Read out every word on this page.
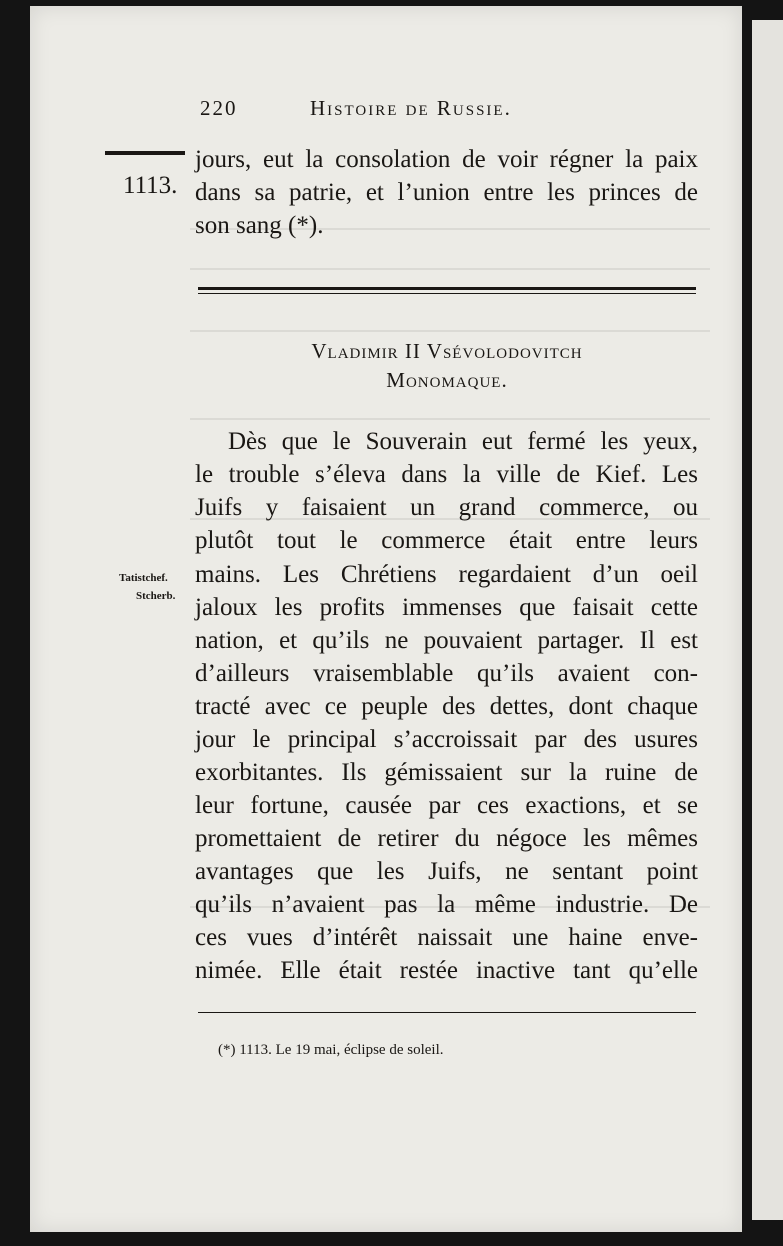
220	Histoire de Russie.
1113.
jours, eut la consolation de voir régner la paix
dans sa patrie, et l’union entre les princes de
son sang (*).
Vladimir II Vsévolodovitch
Monomaque.
Dès que le Souverain eut fermé les yeux,
le trouble s’éleva dans la ville de Kief. Les
Juifs y faisaient un grand commerce, ou
plutôt tout le commerce était entre leurs
mains. Les Chrétiens regardaient d’un oeil
jaloux les profits immenses que faisait cette
nation, et qu’ils ne pouvaient partager. Il est
d’ailleurs vraisemblable qu’ils avaient con-
tracté avec ce peuple des dettes, dont chaque
jour le principal s’accroissait par des usures
exorbitantes. Ils gémissaient sur la ruine de
leur fortune, causée par ces exactions, et se
promettaient de retirer du négoce les mêmes
avantages que les Juifs, ne sentant point
qu’ils n’avaient pas la même industrie. De
ces vues d’intérêt naissait une haine enve-
nimée. Elle était restée inactive tant qu’elle
Tatistchef.
Stcherb.
(*) 1113. Le 19 mai, éclipse de soleil.
